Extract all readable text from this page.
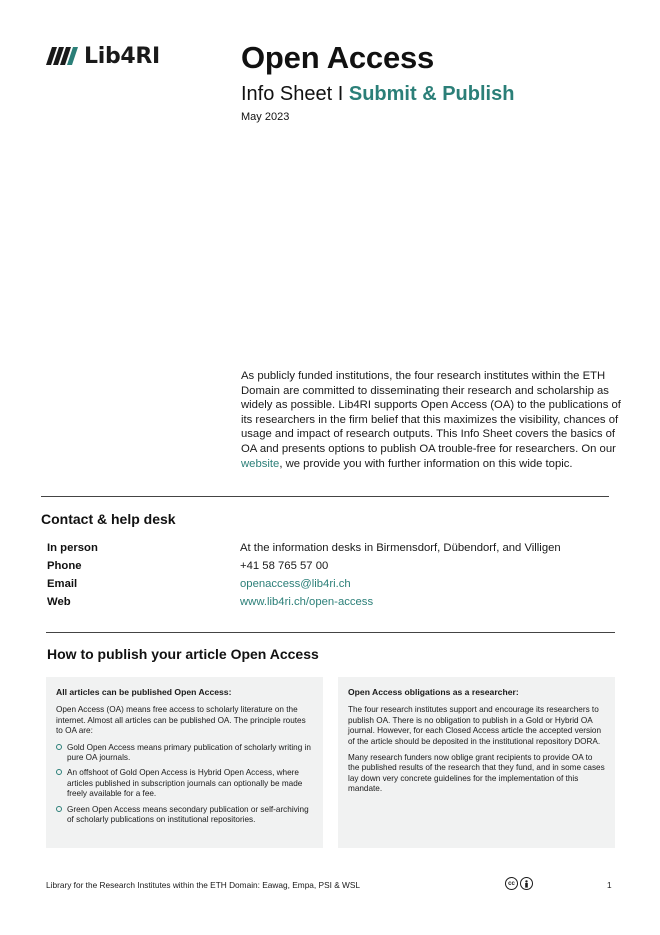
Lib4RI	Open Access
Info Sheet I Submit & Publish
May 2023
As publicly funded institutions, the four research institutes within the ETH Domain are committed to disseminating their research and scholarship as widely as possible. Lib4RI supports Open Access (OA) to the publications of its researchers in the firm belief that this maximizes the visibility, chances of usage and impact of research outputs. This Info Sheet covers the basics of OA and presents options to publish OA trouble-free for researchers. On our website, we provide you with further information on this wide topic.
Contact & help desk
In person	At the information desks in Birmensdorf, Dübendorf, and Villigen
Phone	+41 58 765 57 00
Email	openaccess@lib4ri.ch
Web	www.lib4ri.ch/open-access
How to publish your article Open Access
All articles can be published Open Access:

Open Access (OA) means free access to scholarly literature on the internet. Almost all articles can be published OA. The principle routes to OA are:

Gold Open Access means primary publication of scholarly writing in pure OA journals.
An offshoot of Gold Open Access is Hybrid Open Access, where articles published in subscription journals can optionally be made freely available for a fee.
Green Open Access means secondary publication or self-archiving of scholarly publications on institutional repositories.
Open Access obligations as a researcher:

The four research institutes support and encourage its researchers to publish OA. There is no obligation to publish in a Gold or Hybrid OA journal. However, for each Closed Access article the accepted version of the article should be deposited in the institutional repository DORA.

Many research funders now oblige grant recipients to provide OA to the published results of the research that they fund, and in some cases lay down very concrete guidelines for the implementation of this mandate.

Library for the Research Institutes within the ETH Domain: Eawag, Empa, PSI & WSL	cc	1
